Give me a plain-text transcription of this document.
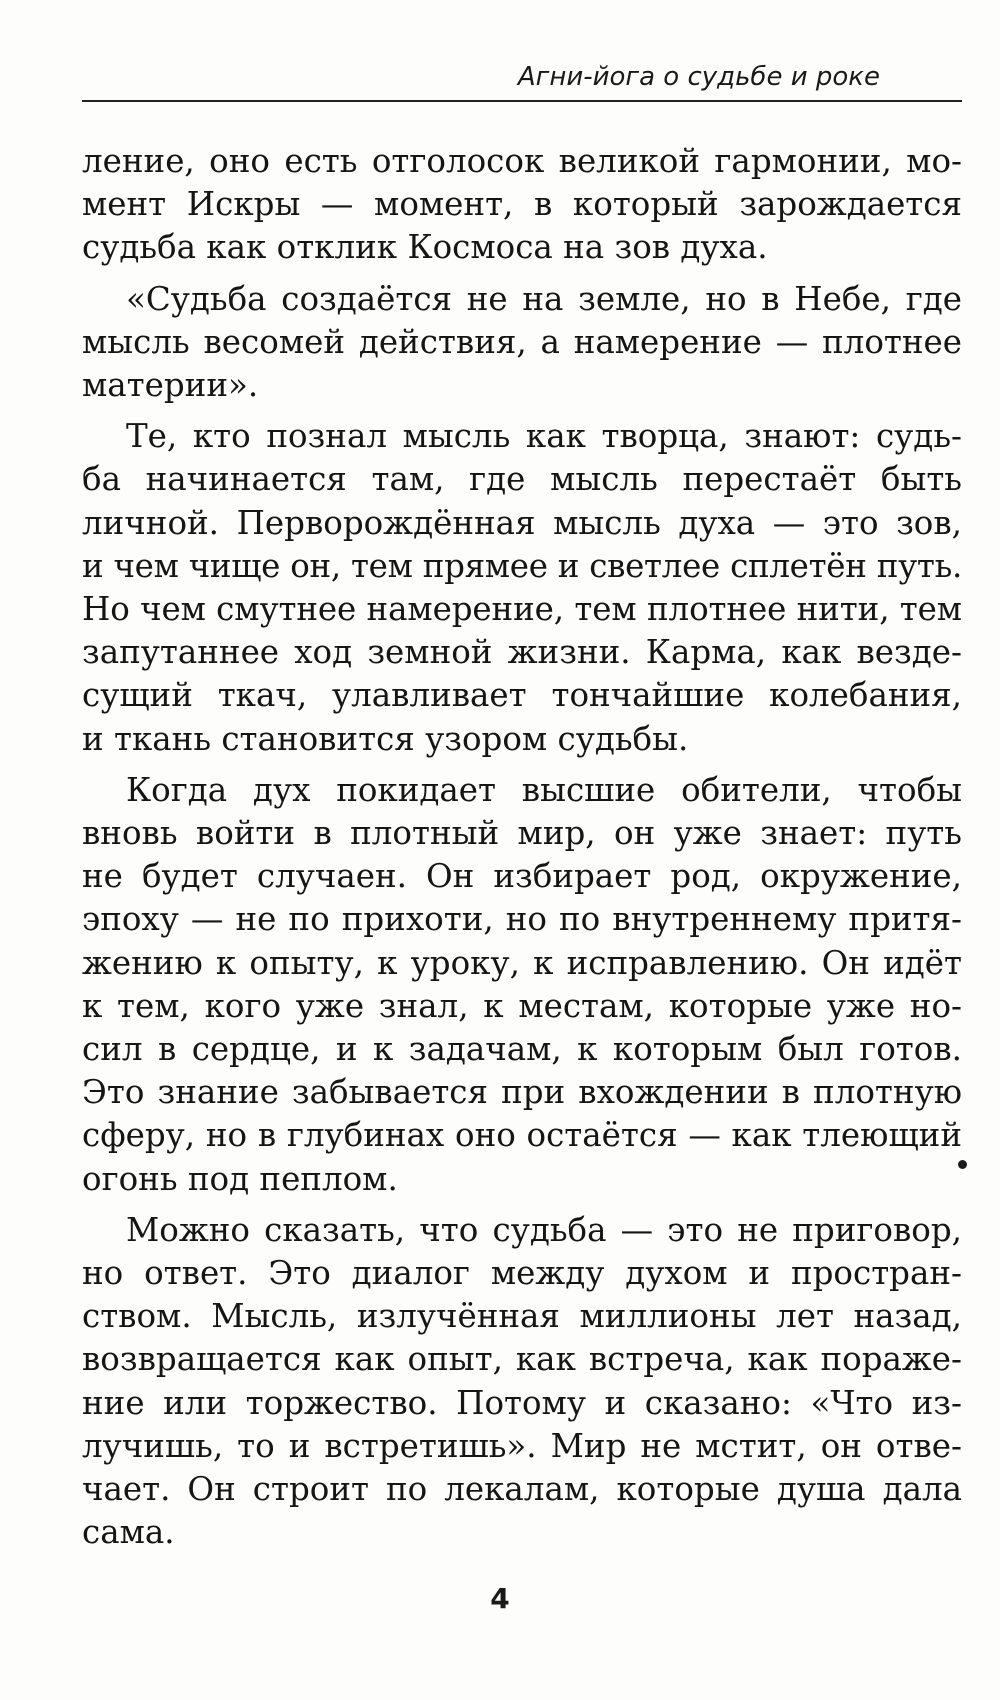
Агни-йога о судьбе и роке
ление, оно есть отголосок великой гармонии, мо-
мент Искры — момент, в который зарождается
судьба как отклик Космоса на зов духа.
«Судьба создаётся не на земле, но в Небе, где
мысль весомей действия, а намерение — плотнее
материи».
Те, кто познал мысль как творца, знают: судь-
ба начинается там, где мысль перестаёт быть
личной. Перворождённая мысль духа — это зов,
и чем чище он, тем прямее и светлее сплетён путь.
Но чем смутнее намерение, тем плотнее нити, тем
запутаннее ход земной жизни. Карма, как везде-
сущий ткач, улавливает тончайшие колебания,
и ткань становится узором судьбы.
Когда дух покидает высшие обители, чтобы
вновь войти в плотный мир, он уже знает: путь
не будет случаен. Он избирает род, окружение,
эпоху — не по прихоти, но по внутреннему притя-
жению к опыту, к уроку, к исправлению. Он идёт
к тем, кого уже знал, к местам, которые уже но-
сил в сердце, и к задачам, к которым был готов.
Это знание забывается при вхождении в плотную
сферу, но в глубинах оно остаётся — как тлеющий
огонь под пеплом.
Можно сказать, что судьба — это не приговор,
но ответ. Это диалог между духом и простран-
ством. Мысль, излучённая миллионы лет назад,
возвращается как опыт, как встреча, как пораже-
ние или торжество. Потому и сказано: «Что из-
лучишь, то и встретишь». Мир не мстит, он отве-
чает. Он строит по лекалам, которые душа дала
сама.
4
